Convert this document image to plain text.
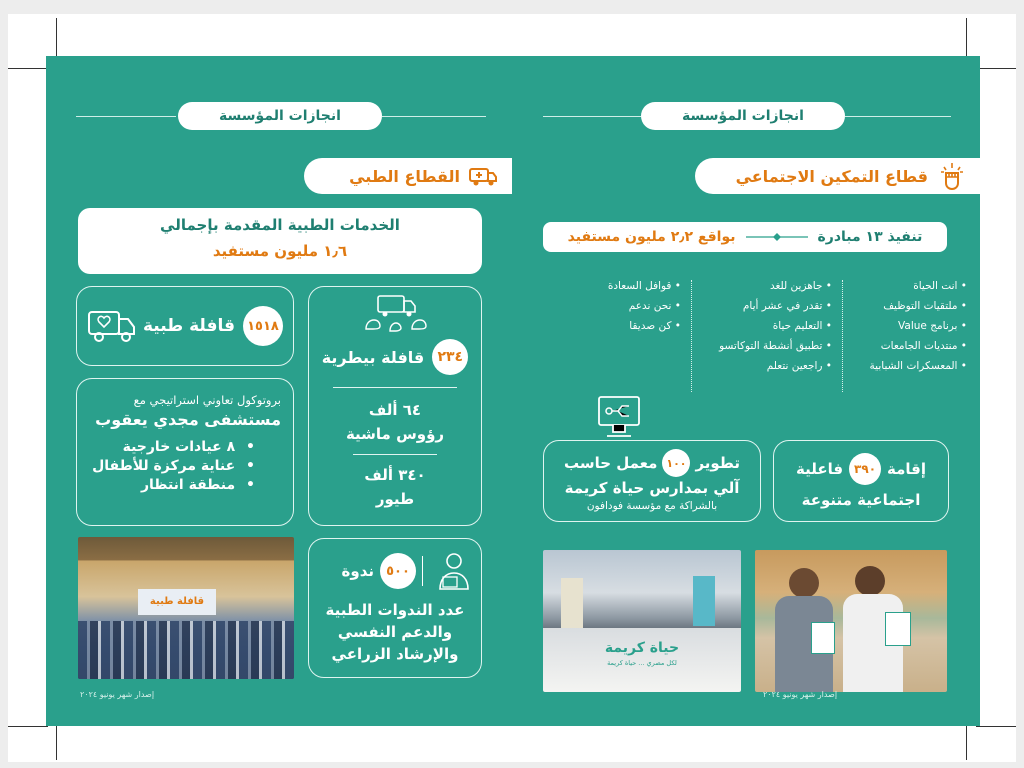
انجازات المؤسسة
القطاع الطبي
الخدمات الطبية المقدمة بإجمالي
١٫٦ مليون مستفيد
١٥١٨
قافلة طبية
٢٣٤
قافلة بيطرية
٦٤ ألف
رؤوس ماشية
٣٤٠ ألف
طيور
بروتوكول تعاوني استراتيجي مع
مستشفى مجدي يعقوب
• ٨ عيادات خارجية
• عناية مركزة للأطفال
• منطقة انتظار
٥٠٠
ندوة
عدد الندوات الطبية
والدعم النفسي
والإرشاد الزراعي
قافلة طبية
إصدار شهر يونيو ٢٠٢٤
انجازات المؤسسة
قطاع التمكين الاجتماعي
تنفيذ ١٣ مبادرة
بواقع ٢٫٢ مليون مستفيد
• انت الحياة
• ملتقيات التوظيف
• برنامج Value
• منتديات الجامعات
• المعسكرات الشبابية
• جاهزين للغد
• تقدر في عشر أيام
• التعليم حياة
• تطبيق أنشطة التوكاتسو
• راجعين نتعلم
• قوافل السعادة
• نحن ندعم
• كن صديقا
إقامة
٣٩٠
فاعلية
اجتماعية متنوعة
تطوير
١٠٠
معمل حاسب
آلي بمدارس حياة كريمة
بالشراكة مع مؤسسة فودافون
حياة كريمة
لكل مصري ... حياة كريمة
إصدار شهر يونيو ٢٠٢٤
